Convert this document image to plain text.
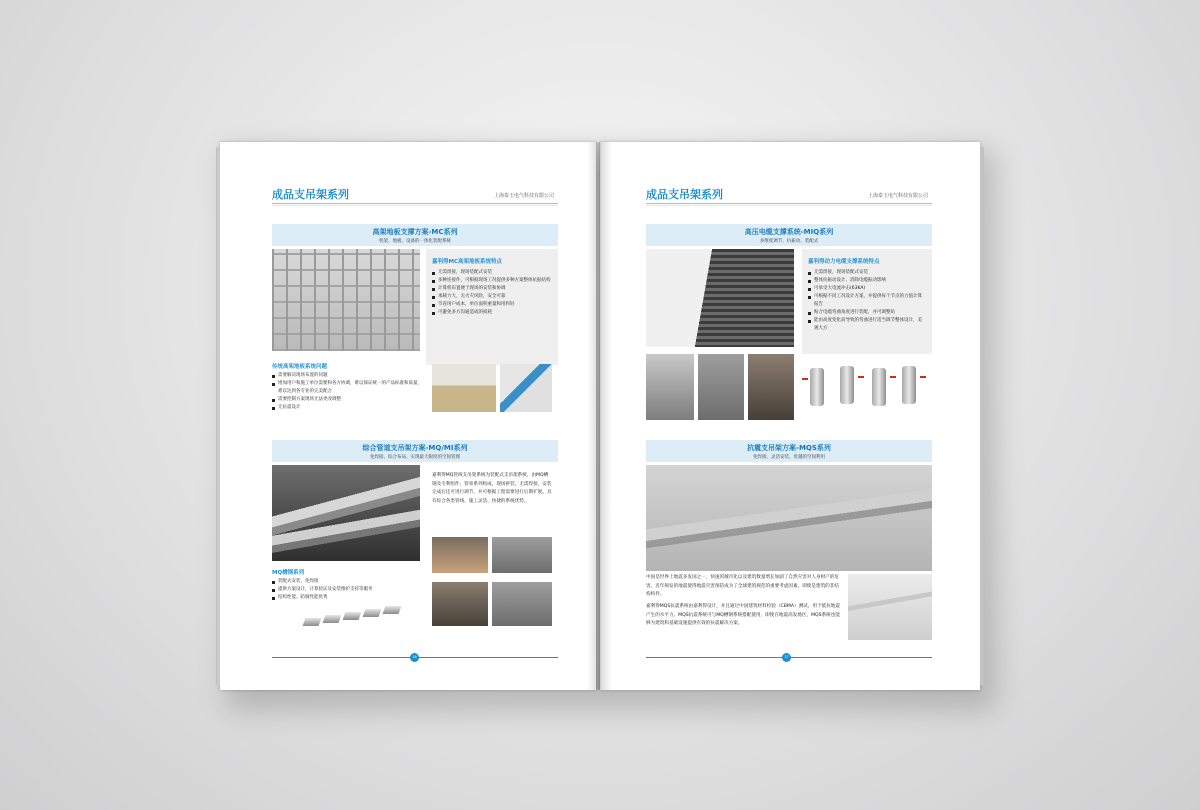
成品支吊架系列	上海泰玉电气科技有限公司
高架地板支撑方案-MC系列
机架、地板、设备的一体化装配系统
嘉利得MC高架地板系统特点
无需焊接，现场装配式安装
多种连接件，可根据现场工况提供多种方案整体抗振结构
计算机布置便于现场的安装和协调
承载力大，无火灾风险，安全可靠
节省用户成本，单位面积重量和用料轻
可避免多方沟通造成的损耗
传统高架地板系统问题
需要解决现场布置的问题
增加用户和施工单位需要和各方协调，难以保证统一的产品标准和质量，难以达到各专业的完美配合
需要控制方案现场无法更改调整
无抗震设计
综合管道支吊架方案-MQ/MI系列
免焊接、综合布局、实现最大限度的空间管理
嘉利得MQ管线支吊架系统为装配式支吊架系统，由MQ槽钢及专利组件、管束系列构成，现场拼装，无需焊接，安装完成后还可进行调节，并可根据工程需要进行后期扩展。具有综合各类管线、施工灵活、快捷的系统优势。
MQ槽钢系列
装配式安装，免焊接
提供方案设计，计算验证及安装维护支持等服务
结构性能、防腐性能优秀
16
成品支吊架系列	上海泰玉电气科技有限公司
高压电缆支撑系统-MIQ系列
多维度调节、抗振动、装配式
嘉利得动力电缆支撑系统特点
无需焊接，现场装配式安装
整体抗振动设计，消除电缆振动影响
可承受大电流冲击(63KA)
可根据不同工况设计方案，并提供每个节点的力值计算报告
贴合电缆弯曲角度进行装配，并可调整角
能由高度变化而导致的弯曲进行适当调节整体设计，美观大方
抗震支吊架方案-MQS系列
免焊接、灵活安装、优越的空间利用
中国是世界上地震多发国之一，快速的城市化以及建筑数量增长加剧了自然灾害对人身财产的危害。近年频发的地震使得地震灾害预防成为了全球建筑规范的重要考虑因素，即使是建筑的非结构构件。
嘉利得MQS抗震系统由嘉利得设计，并且通过中国建筑材料检验（CBMA）测试。用于抵抗地震产生的水平力。MQS抗震系统可与MQ槽钢系统搭配使用，即使在地震高发地区，MQS系统也能够为建筑和基础设施提供有效的抗震解决方案。
17
